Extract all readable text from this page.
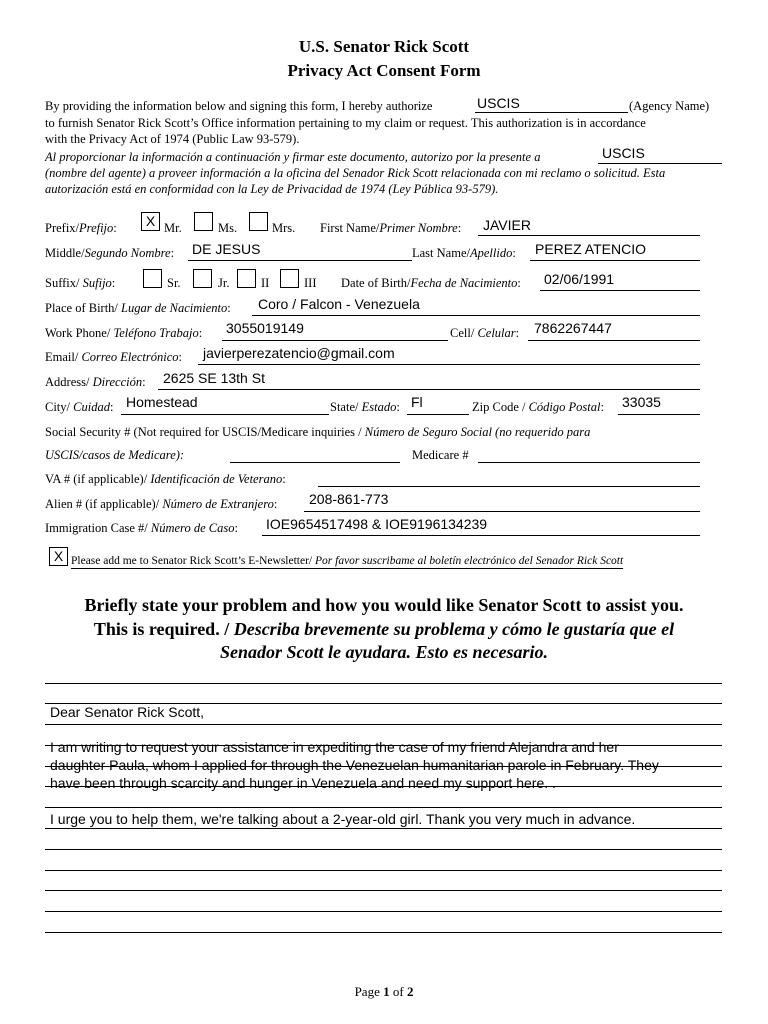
U.S. Senator Rick Scott
Privacy Act Consent Form
By providing the information below and signing this form, I hereby authorize	USCIS	(Agency Name)
to furnish Senator Rick Scott’s Office information pertaining to my claim or request. This authorization is in accordance
with the Privacy Act of 1974 (Public Law 93-579).
Al proporcionar la información a continuación y firmar este documento, autorizo por la presente a	USCIS
(nombre del agente) a proveer información a la oficina del Senador Rick Scott relacionada con mi reclamo o solicitud. Esta
autorización está en conformidad con la Ley de Privacidad de 1974 (Ley Pública 93-579).
Prefix/Prefijo:	X Mr.	Ms.	Mrs. First Name/Primer Nombre: JAVIER
Middle/Segundo Nombre: DE JESUS	Last Name/Apellido: PEREZ ATENCIO
Suffix/ Sufijo:	Sr.	Jr.	II	III Date of Birth/Fecha de Nacimiento: 02/06/1991
Place of Birth/ Lugar de Nacimiento: Coro / Falcon - Venezuela
Work Phone/ Teléfono Trabajo: 3055019149	Cell/ Celular: 7862267447
Email/ Correo Electrónico: javierperezatencio@gmail.com
Address/ Dirección: 2625 SE 13th St
City/ Cuidad: Homestead	State/ Estado: Fl	Zip Code / Código Postal: 33035
Social Security # (Not required for USCIS/Medicare inquiries / Número de Seguro Social (no requerido para
USCIS/casos de Medicare):	Medicare #
VA # (if applicable)/ Identificación de Veterano:
Alien # (if applicable)/ Número de Extranjero: 208-861-773
Immigration Case #/ Número de Caso: IOE9654517498 & IOE9196134239
X Please add me to Senator Rick Scott’s E-Newsletter/ Por favor suscribame al boletín electrónico del Senador Rick Scott
Briefly state your problem and how you would like Senator Scott to assist you.
This is required. / Describa brevemente su problema y cómo le gustaría que el
Senador Scott le ayudara. Esto es necesario.
Dear Senator Rick Scott,
I am writing to request your assistance in expediting the case of my friend Alejandra and her
daughter Paula, whom I applied for through the Venezuelan humanitarian parole in February. They
have been through scarcity and hunger in Venezuela and need my support here. .
I urge you to help them, we're talking about a 2-year-old girl. Thank you very much in advance.
Page 1 of 2
